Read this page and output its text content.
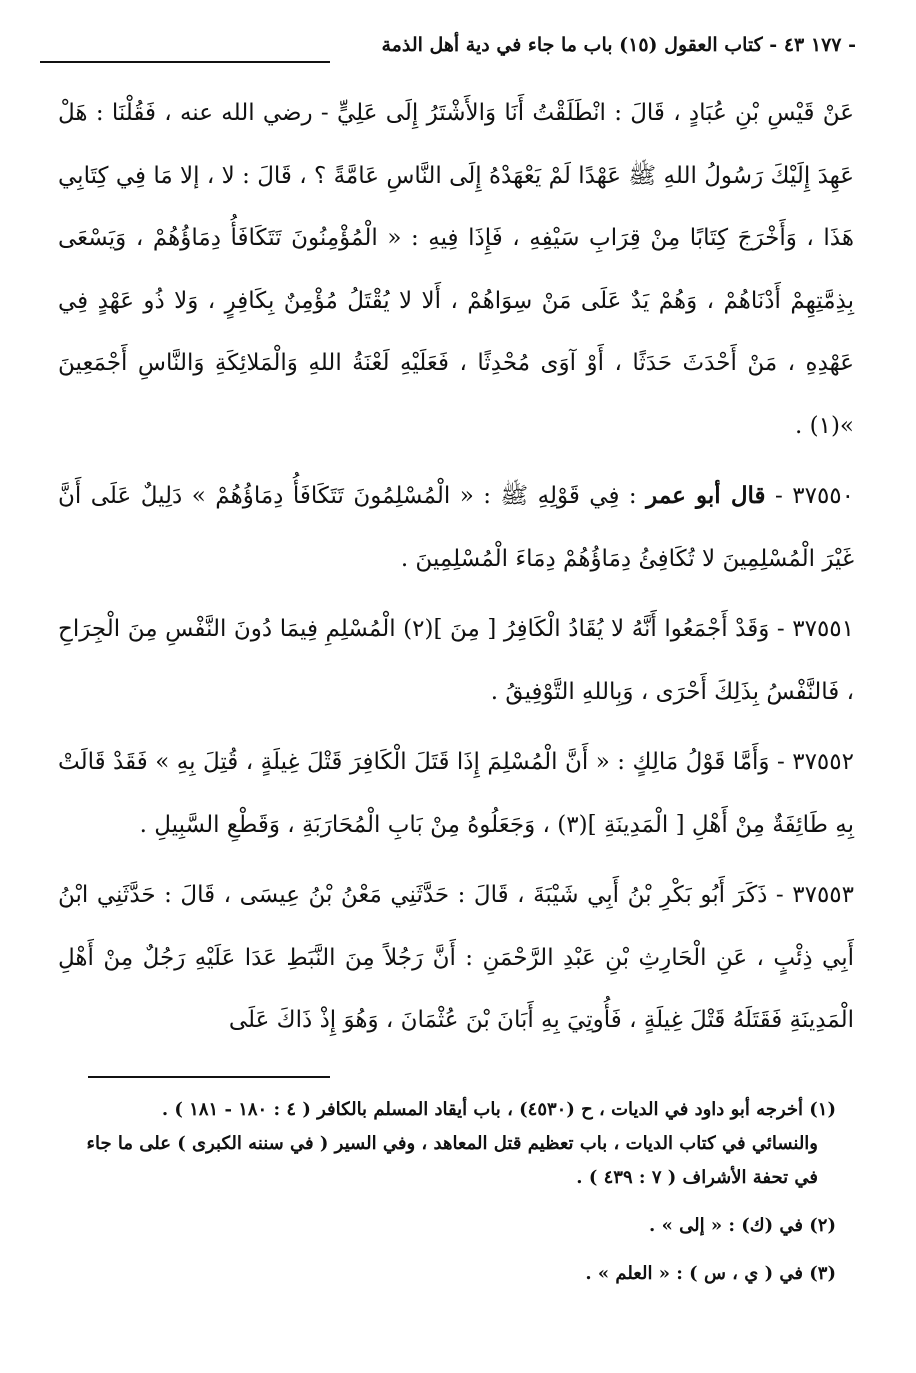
- ١٧٧ ٤٣ - كتاب العقول (١٥) باب ما جاء في دية أهل الذمة

عَنْ قَيْسِ بْنِ عُبَادٍ ، قَالَ : انْطَلَقْتُ أَنَا وَالأَشْتَرُ إِلَى عَلِيٍّ - رضي الله عنه ، فَقُلْنَا : هَلْ عَهِدَ إِلَيْكَ رَسُولُ اللهِ ﷺ عَهْدًا لَمْ يَعْهَدْهُ إِلَى النَّاسِ عَامَّةً ؟ ، قَالَ : لا ، إلا مَا فِي كِتَابِي هَذَا ، وَأَخْرَجَ كِتَابًا مِنْ قِرَابِ سَيْفِهِ ، فَإِذَا فِيهِ : « الْمُؤْمِنُونَ تَتَكَافَأُ دِمَاؤُهُمْ ، وَيَسْعَى بِذِمَّتِهِمْ أَدْنَاهُمْ ، وَهُمْ يَدٌ عَلَى مَنْ سِوَاهُمْ ، أَلا لا يُقْتَلُ مُؤْمِنٌ بِكَافِرٍ ، وَلا ذُو عَهْدٍ فِي عَهْدِهِ ، مَنْ أَحْدَثَ حَدَثًا ، أَوْ آوَى مُحْدِثًا ، فَعَلَيْهِ لَعْنَةُ اللهِ وَالْمَلائِكَةِ وَالنَّاسِ أَجْمَعِينَ »(١) .

٣٧٥٥٠ - قال أبو عمر : فِي قَوْلِهِ ﷺ : « الْمُسْلِمُونَ تَتَكَافَأُ دِمَاؤُهُمْ » دَلِيلٌ عَلَى أَنَّ غَيْرَ الْمُسْلِمِينَ لا تُكَافِئُ دِمَاؤُهُمْ دِمَاءَ الْمُسْلِمِينَ .

٣٧٥٥١ - وَقَدْ أَجْمَعُوا أَنَّهُ لا يُقَادُ الْكَافِرُ [ مِنَ ](٢) الْمُسْلِمِ فِيمَا دُونَ النَّفْسِ مِنَ الْجِرَاحِ ، فَالنَّفْسُ بِذَلِكَ أَحْرَى ، وَبِاللهِ التَّوْفِيقُ .

٣٧٥٥٢ - وَأَمَّا قَوْلُ مَالِكٍ : « أَنَّ الْمُسْلِمَ إِذَا قَتَلَ الْكَافِرَ قَتْلَ غِيلَةٍ ، قُتِلَ بِهِ » فَقَدْ قَالَتْ بِهِ طَائِفَةٌ مِنْ أَهْلِ [ الْمَدِينَةِ ](٣) ، وَجَعَلُوهُ مِنْ بَابِ الْمُحَارَبَةِ ، وَقَطْعِ السَّبِيلِ .

٣٧٥٥٣ - ذَكَرَ أَبُو بَكْرِ بْنُ أَبِي شَيْبَةَ ، قَالَ : حَدَّثَنِي مَعْنُ بْنُ عِيسَى ، قَالَ : حَدَّثَنِي ابْنُ أَبِي ذِئْبٍ ، عَنِ الْحَارِثِ بْنِ عَبْدِ الرَّحْمَنِ : أَنَّ رَجُلاً مِنَ النَّبَطِ عَدَا عَلَيْهِ رَجُلٌ مِنْ أَهْلِ الْمَدِينَةِ فَقَتَلَهُ قَتْلَ غِيلَةٍ ، فَأُوتِيَ بِهِ أَبَانَ بْنَ عُثْمَانَ ، وَهُوَ إِذْ ذَاكَ عَلَى

(١) أخرجه أبو داود في الديات ، ح (٤٥٣٠) ، باب أيقاد المسلم بالكافر ( ٤ : ١٨٠ - ١٨١ ) .

والنسائي في كتاب الديات ، باب تعظيم قتل المعاهد ، وفي السير ( في سننه الكبرى ) على ما جاء في تحفة الأشراف ( ٧ : ٤٣٩ ) .

(٢) في (ك) : « إلى » .

(٣) في ( ي ، س ) : « العلم » .
